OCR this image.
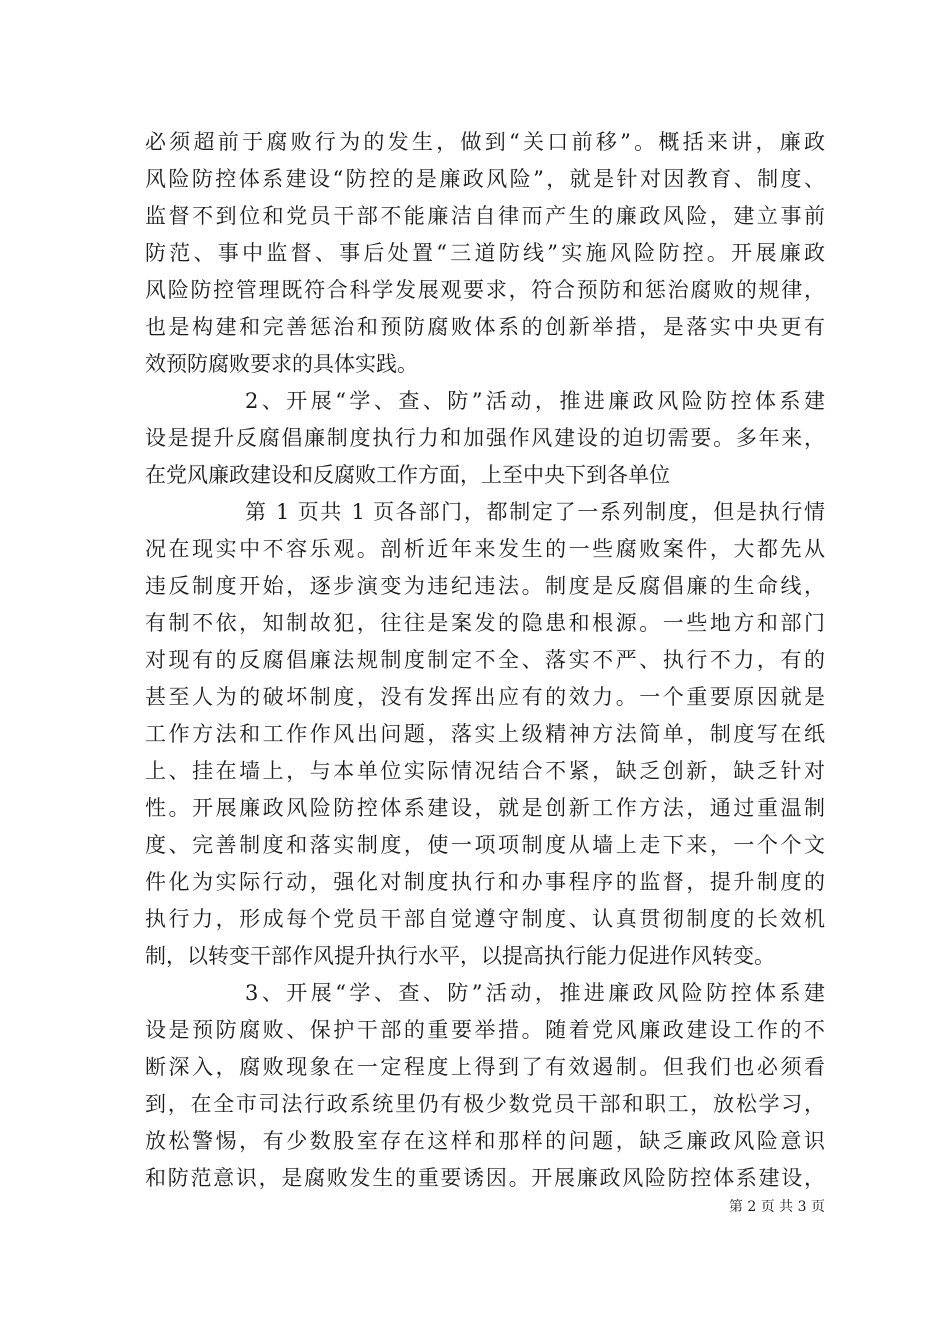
必须超前于腐败行为的发生，做到“关口前移”。概括来讲，廉政
风险防控体系建设“防控的是廉政风险”，就是针对因教育、制度、
监督不到位和党员干部不能廉洁自律而产生的廉政风险，建立事前
防范、事中监督、事后处置“三道防线”实施风险防控。开展廉政
风险防控管理既符合科学发展观要求，符合预防和惩治腐败的规律，
也是构建和完善惩治和预防腐败体系的创新举措，是落实中央更有
效预防腐败要求的具体实践。
2、开展“学、查、防”活动，推进廉政风险防控体系建
设是提升反腐倡廉制度执行力和加强作风建设的迫切需要。多年来，
在党风廉政建设和反腐败工作方面，上至中央下到各单位
第 1 页共 1 页各部门，都制定了一系列制度，但是执行情
况在现实中不容乐观。剖析近年来发生的一些腐败案件，大都先从
违反制度开始，逐步演变为违纪违法。制度是反腐倡廉的生命线，
有制不依，知制故犯，往往是案发的隐患和根源。一些地方和部门
对现有的反腐倡廉法规制度制定不全、落实不严、执行不力，有的
甚至人为的破坏制度，没有发挥出应有的效力。一个重要原因就是
工作方法和工作作风出问题，落实上级精神方法简单，制度写在纸
上、挂在墙上，与本单位实际情况结合不紧，缺乏创新，缺乏针对
性。开展廉政风险防控体系建设，就是创新工作方法，通过重温制
度、完善制度和落实制度，使一项项制度从墙上走下来，一个个文
件化为实际行动，强化对制度执行和办事程序的监督，提升制度的
执行力，形成每个党员干部自觉遵守制度、认真贯彻制度的长效机
制，以转变干部作风提升执行水平，以提高执行能力促进作风转变。
3、开展“学、查、防”活动，推进廉政风险防控体系建
设是预防腐败、保护干部的重要举措。随着党风廉政建设工作的不
断深入，腐败现象在一定程度上得到了有效遏制。但我们也必须看
到，在全市司法行政系统里仍有极少数党员干部和职工，放松学习，
放松警惕，有少数股室存在这样和那样的问题，缺乏廉政风险意识
和防范意识，是腐败发生的重要诱因。开展廉政风险防控体系建设，
第 2 页 共 3 页
